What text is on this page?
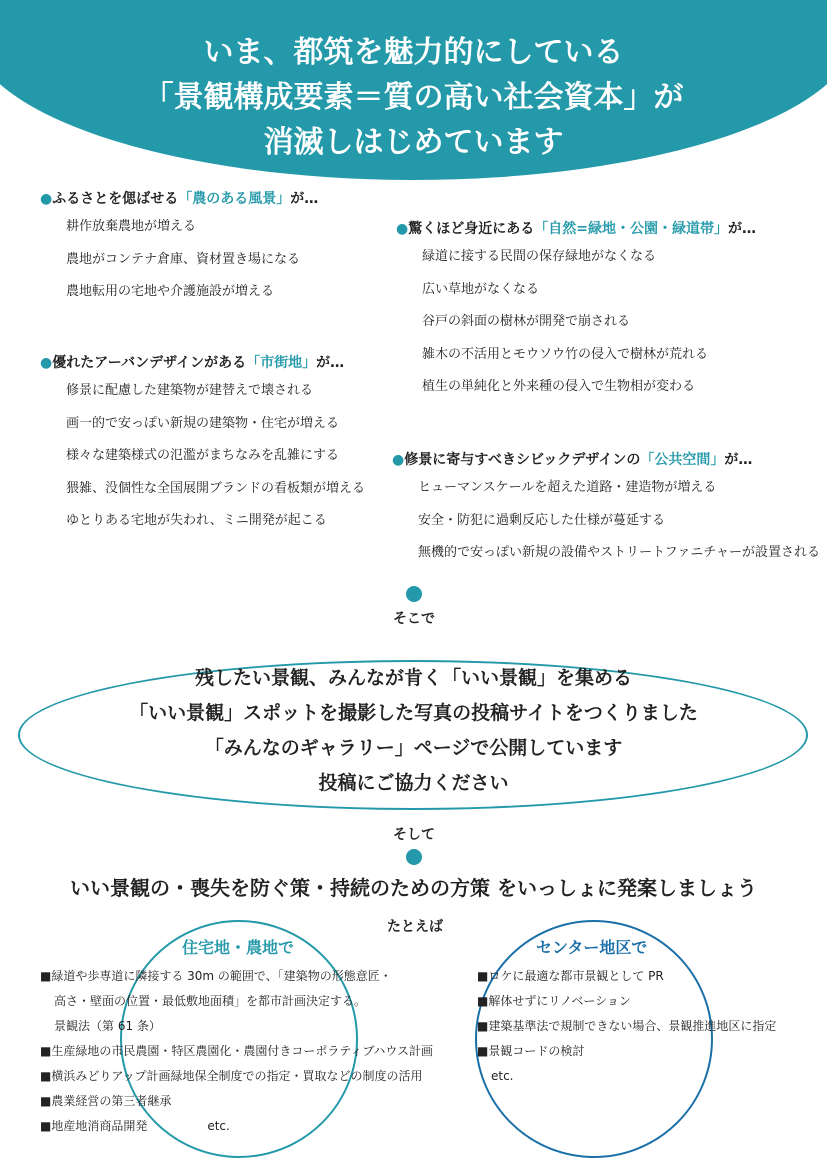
いま、都筑を魅力的にしている
「景観構成要素＝質の高い社会資本」が
消滅しはじめています
●ふるさとを偲ばせる「農のある風景」が…
耕作放棄農地が増える
農地がコンテナ倉庫、資材置き場になる
農地転用の宅地や介護施設が増える
●優れたアーバンデザインがある「市街地」が…
修景に配慮した建築物が建替えで壊される
画一的で安っぽい新規の建築物・住宅が増える
様々な建築様式の氾濫がまちなみを乱雑にする
猥雑、没個性な全国展開ブランドの看板類が増える
ゆとりある宅地が失われ、ミニ開発が起こる
●驚くほど身近にある「自然=緑地・公園・緑道帯」が…
緑道に接する民間の保存緑地がなくなる
広い草地がなくなる
谷戸の斜面の樹林が開発で崩される
雑木の不活用とモウソウ竹の侵入で樹林が荒れる
植生の単純化と外来種の侵入で生物相が変わる
●修景に寄与すべきシビックデザインの「公共空間」が…
ヒューマンスケールを超えた道路・建造物が増える
安全・防犯に過剰反応した仕様が蔓延する
無機的で安っぽい新規の設備やストリートファニチャーが設置される
そこで
残したい景観、みんなが肯く「いい景観」を集める
「いい景観」スポットを撮影した写真の投稿サイトをつくりました
「みんなのギャラリー」ページで公開しています
投稿にご協力ください
そして
いい景観の・喪失を防ぐ策・持続のための方策 をいっしょに発案しましょう
たとえば
住宅地・農地で	センター地区で
■緑道や歩専道に隣接する 30m の範囲で、「建築物の形態意匠・
高さ・壁面の位置・最低敷地面積」を都市計画決定する。
景観法（第 61 条）
■生産緑地の市民農園・特区農園化・農園付きコーポラティブハウス計画
■横浜みどりアップ計画緑地保全制度での指定・買取などの制度の活用
■農業経営の第三者継承
■地産地消商品開発	etc.
■ロケに最適な都市景観として PR
■解体せずにリノベーション
■建築基準法で規制できない場合、景観推進地区に指定
■景観コードの検討
etc.
